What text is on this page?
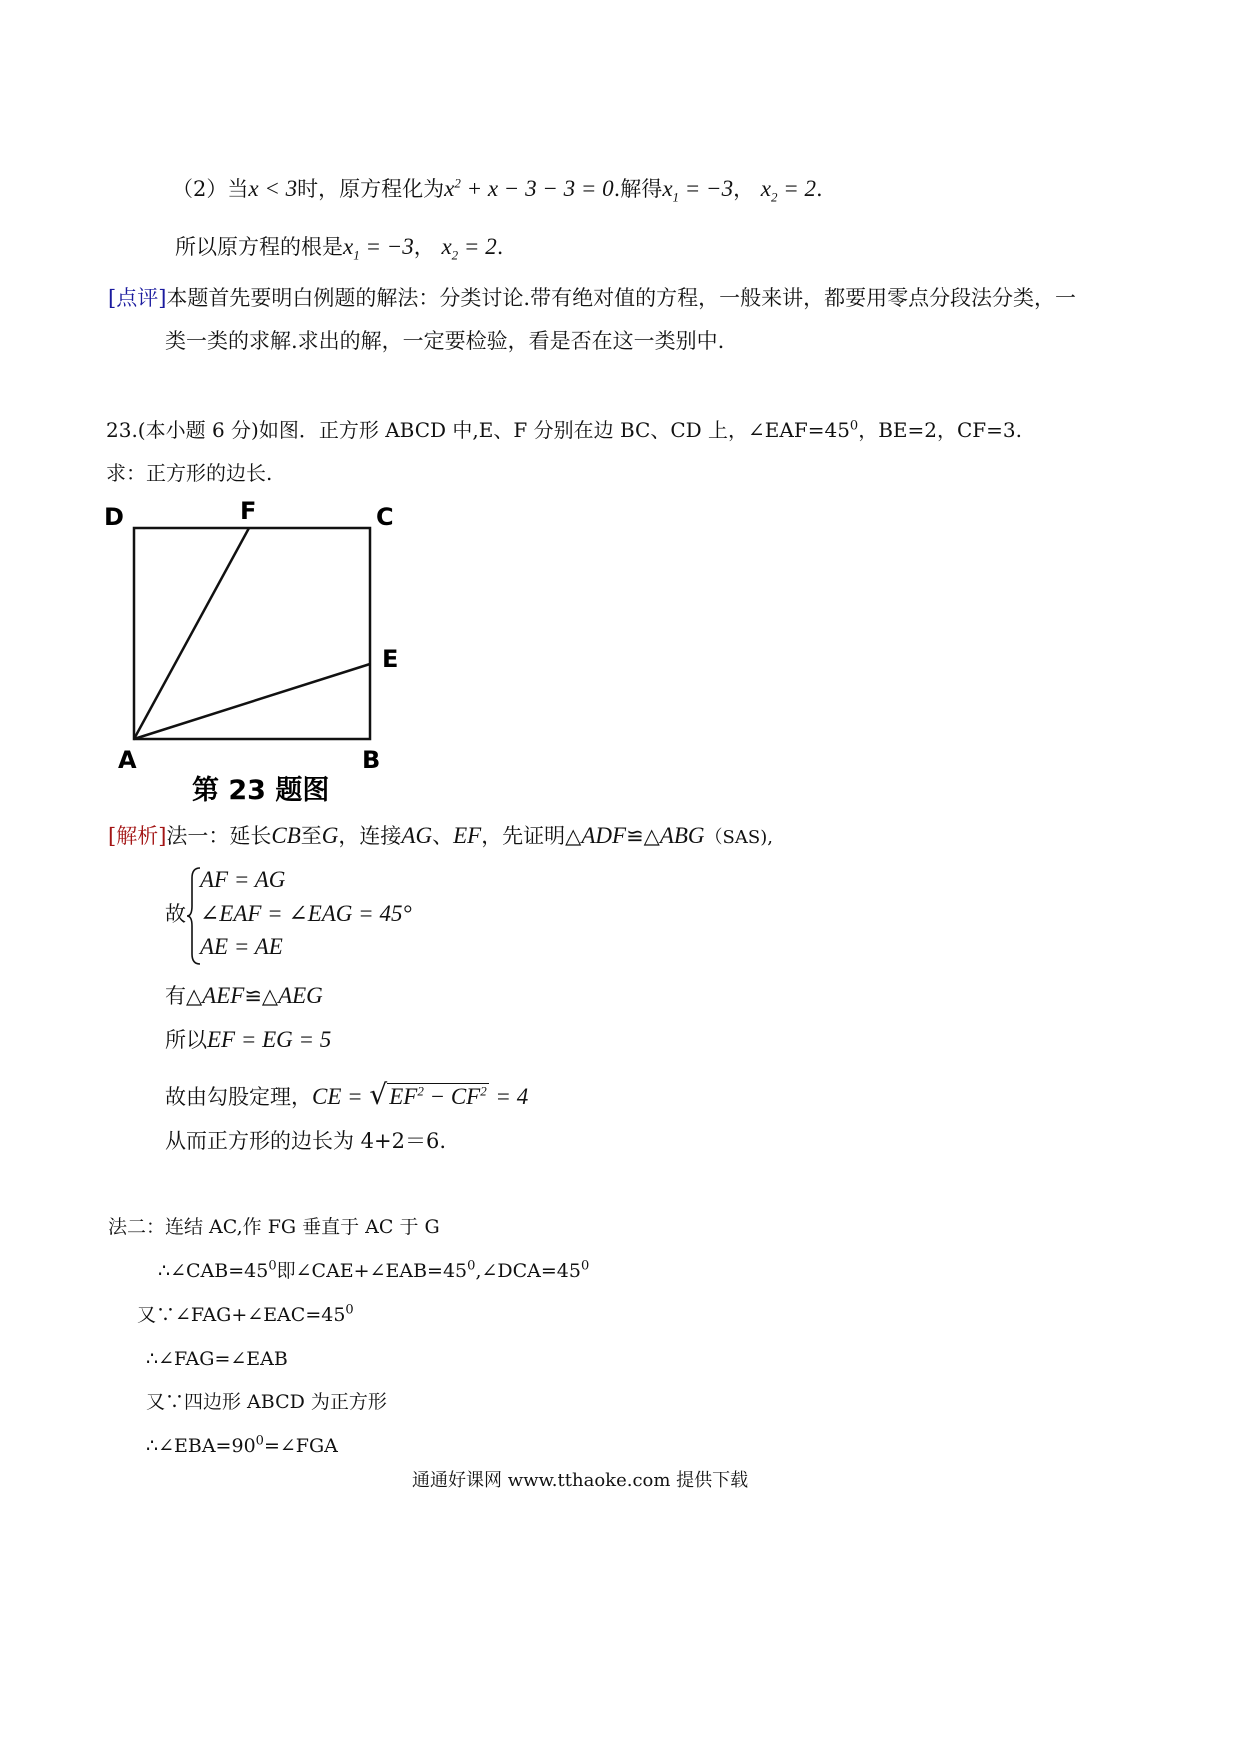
（2）当x < 3时，原方程化为$x^2 + x - 3 - 3 = 0$.解得$x_1 = -3$， $x_2 = 2$.
所以原方程的根是$x_1 = -3$， $x_2 = 2$.
[点评]本题首先要明白例题的解法：分类讨论.带有绝对值的方程，一般来讲，都要用零点分段法分类，一
类一类的求解.求出的解，一定要检验，看是否在这一类别中.
23.(本小题 6 分)如图．正方形 ABCD 中,E、F 分别在边 BC、CD 上，$\angle EAF=45^0$，BE=2，CF=3.
求：正方形的边长.
D	F	C
E
A	B
第 23 题图
[解析]法一：延长CB至G，连接AG、EF，先证明△ADF≌△ABG（SAS),
故
AF = AG
∠EAF = ∠EAG = 45°
AE = AE
有△AEF≌△AEG
所以EF = EG = 5
故由勾股定理，CE = $√EF^2 - CF^2 = 4$
从而正方形的边长为 4+2＝6.
法二：连结 AC,作 FG 垂直于 AC 于 G
$\therefore\angle CAB=45^0$即$\angle CAE+\angle EAB=45^0,\angle DCA=45^0$
又$\because\angle FAG+\angle EAC=45^0$
∴∠FAG=∠EAB
又∵四边形 ABCD 为正方形
$\therefore\angle EBA=90^0=\angle FGA$
通通好课网 www.tthaoke.com 提供下载
